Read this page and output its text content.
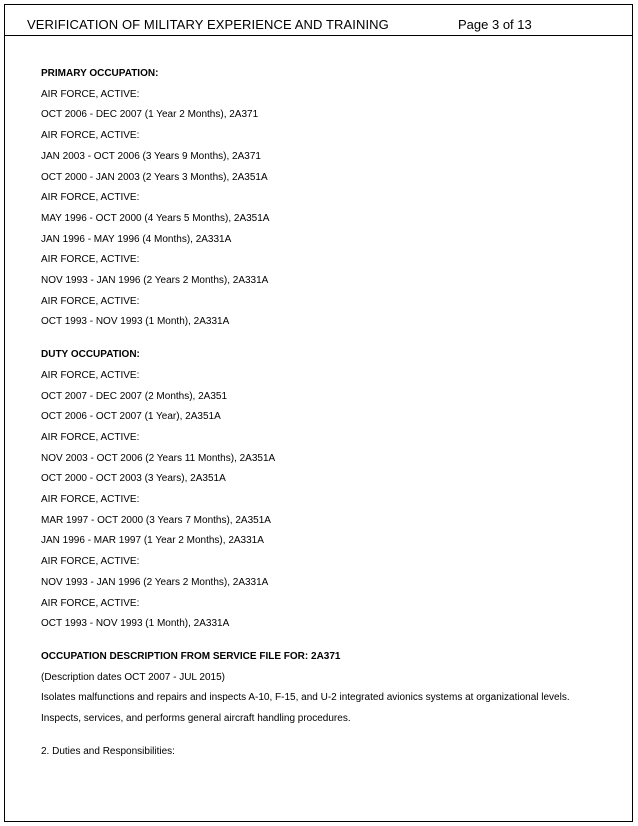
VERIFICATION OF MILITARY EXPERIENCE AND TRAINING	Page 3 of 13
PRIMARY OCCUPATION:
AIR FORCE, ACTIVE:
OCT 2006 - DEC 2007 (1 Year 2 Months), 2A371
AIR FORCE, ACTIVE:
JAN 2003 - OCT 2006 (3 Years 9 Months), 2A371
OCT 2000 - JAN 2003 (2 Years 3 Months), 2A351A
AIR FORCE, ACTIVE:
MAY 1996 - OCT 2000 (4 Years 5 Months), 2A351A
JAN 1996 - MAY 1996 (4 Months), 2A331A
AIR FORCE, ACTIVE:
NOV 1993 - JAN 1996 (2 Years 2 Months), 2A331A
AIR FORCE, ACTIVE:
OCT 1993 - NOV 1993 (1 Month), 2A331A
DUTY OCCUPATION:
AIR FORCE, ACTIVE:
OCT 2007 - DEC 2007 (2 Months), 2A351
OCT 2006 - OCT 2007 (1 Year), 2A351A
AIR FORCE, ACTIVE:
NOV 2003 - OCT 2006 (2 Years 11 Months), 2A351A
OCT 2000 - OCT 2003 (3 Years), 2A351A
AIR FORCE, ACTIVE:
MAR 1997 - OCT 2000 (3 Years 7 Months), 2A351A
JAN 1996 - MAR 1997 (1 Year 2 Months), 2A331A
AIR FORCE, ACTIVE:
NOV 1993 - JAN 1996 (2 Years 2 Months), 2A331A
AIR FORCE, ACTIVE:
OCT 1993 - NOV 1993 (1 Month), 2A331A
OCCUPATION DESCRIPTION FROM SERVICE FILE FOR: 2A371
(Description dates OCT 2007 - JUL 2015)
Isolates malfunctions and repairs and inspects A-10, F-15, and U-2 integrated avionics systems at organizational levels.
Inspects, services, and performs general aircraft handling procedures.
2. Duties and Responsibilities:
